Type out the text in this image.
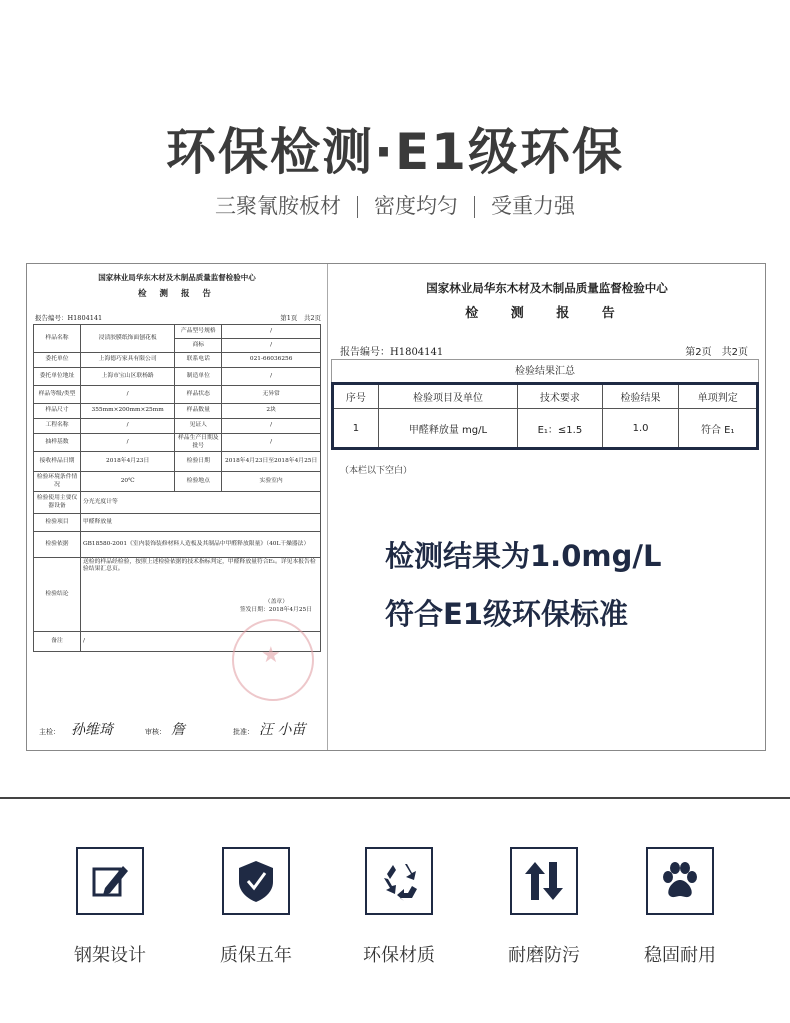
环保检测·E1级环保
三聚氰胺板材 密度均匀 受重力强
国家林业局华东木材及木制品质量监督检验中心
检 测 报 告
报告编号：H1804141	第1页　共2页
样品名称	浸渍胶膜纸饰面刨花板	产品型号规格	/
		商标	/
委托单位	上海德巧家具有限公司	联系电话	021-66036256
委托单位地址	上海市宝山区联杨路	制造单位	/
样品等级/类型	/	样品状态	无异常
样品尺寸	355mm×200mm×25mm	样品数量	2块
工程名称	/	见证人	/
抽样基数	/	样品生产日期及批号	/
接收样品日期	2018年4月23日	检验日期	2018年4月23日至2018年4月25日
检验环境条件情况	20℃	检验地点	实验室内
检验使用主要仪器设备	分光光度计等		
检验项目	甲醛释放量		
检验依据	GB18580-2001《室内装饰装修材料人造板及其制品中甲醛释放限量》（40L干燥器法）		
检验结论	送检的样品经检验，按照上述检验依据的技术指标判定，甲醛释放量符合E₁。详见本报告检验结果汇总页。
（盖章）
签发日期：2018年4月25日		

备注	/		
★
主检： 孙维琦	审核： 詹	批准： 汪 小苗
国家林业局华东木材及木制品质量监督检验中心
检 测 报 告
报告编号：H1804141	第2页　共2页
检验结果汇总
序号	检验项目及单位	技术要求	检验结果	单项判定
1	甲醛释放量 mg/L	E₁：≤1.5	1.0	符合 E₁
（本栏以下空白）
检测结果为1.0mg/L
符合E1级环保标准
钢架设计	质保五年	环保材质	耐磨防污	稳固耐用
